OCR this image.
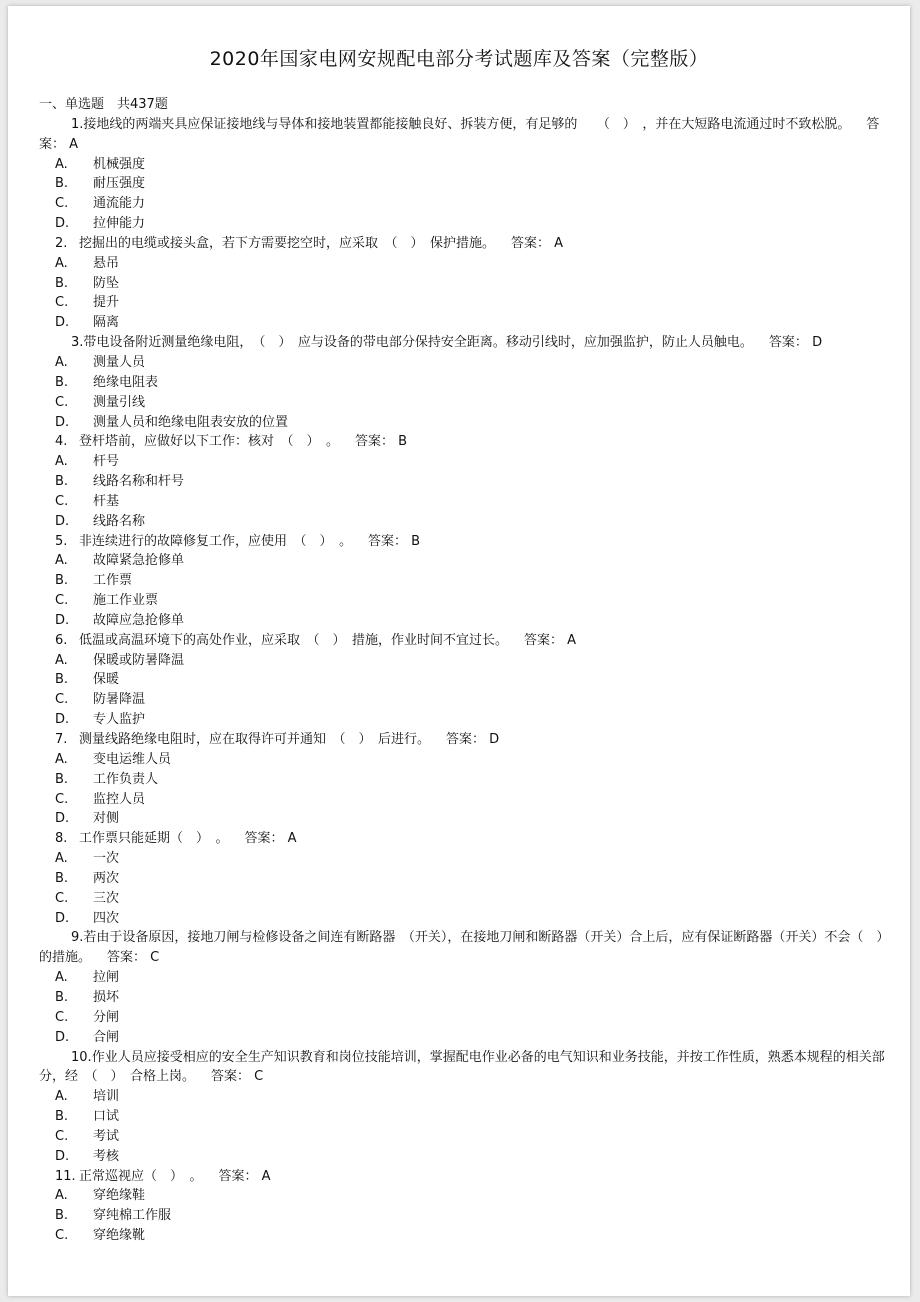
2020年国家电网安规配电部分考试题库及答案（完整版）
一、单选题　共437题
1.接地线的两端夹具应保证接地线与导体和接地装置都能接触良好、拆装方便，有足够的　　（　）　，并在大短路电流通过时不致松脱。 答案： A
A. 机械强度
B. 耐压强度
C. 通流能力
D. 拉伸能力
2. 挖掘出的电缆或接头盒，若下方需要挖空时，应采取　（　）　保护措施。 答案： A
A. 悬吊
B. 防坠
C. 提升
D. 隔离
3.带电设备附近测量绝缘电阻，　（　）　应与设备的带电部分保持安全距离。移动引线时，应加强监护，防止人员触电。 答案： D
A. 测量人员
B. 绝缘电阻表
C. 测量引线
D. 测量人员和绝缘电阻表安放的位置
4. 登杆塔前，应做好以下工作：核对　（　）　。 答案： B
A. 杆号
B. 线路名称和杆号
C. 杆基
D. 线路名称
5. 非连续进行的故障修复工作，应使用　（　）　。 答案： B
A. 故障紧急抢修单
B. 工作票
C. 施工作业票
D. 故障应急抢修单
6. 低温或高温环境下的高处作业，应采取　（　）　措施，作业时间不宜过长。 答案： A
A. 保暖或防暑降温
B. 保暖
C. 防暑降温
D. 专人监护
7. 测量线路绝缘电阻时，应在取得许可并通知　（　）　后进行。 答案： D
A. 变电运维人员
B. 工作负责人
C. 监控人员
D. 对侧
8. 工作票只能延期（　）　。 答案： A
A. 一次
B. 两次
C. 三次
D. 四次
9.若由于设备原因，接地刀闸与检修设备之间连有断路器　（开关），在接地刀闸和断路器（开关）合上后，应有保证断路器（开关）不会（　）　的措施。 答案： C
A. 拉闸
B. 损坏
C. 分闸
D. 合闸
10.作业人员应接受相应的安全生产知识教育和岗位技能培训，掌握配电作业必备的电气知识和业务技能，并按工作性质，熟悉本规程的相关部分，经　（　）　合格上岗。 答案： C
A. 培训
B. 口试
C. 考试
D. 考核
11. 正常巡视应（　）　。 答案： A
A. 穿绝缘鞋
B. 穿纯棉工作服
C. 穿绝缘靴
